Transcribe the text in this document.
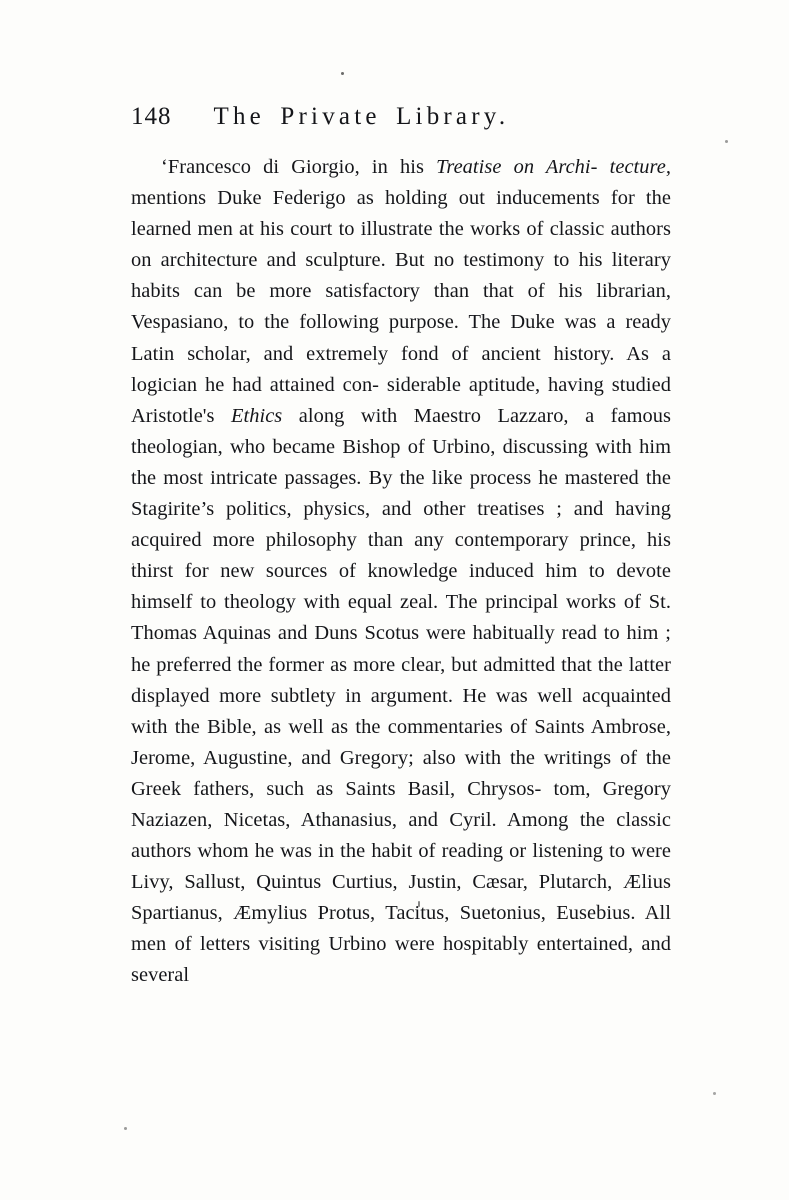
148 The Private Library.

‘Francesco di Giorgio, in his Treatise on Archi- tecture, mentions Duke Federigo as holding out inducements for the learned men at his court to illustrate the works of classic authors on architecture and sculpture. But no testimony to his literary habits can be more satisfactory than that of his librarian, Vespasiano, to the following purpose. The Duke was a ready Latin scholar, and extremely fond of ancient history. As a logician he had attained con- siderable aptitude, having studied Aristotle's Ethics along with Maestro Lazzaro, a famous theologian, who became Bishop of Urbino, discussing with him the most intricate passages. By the like process he mastered the Stagirite’s politics, physics, and other treatises ; and having acquired more philosophy than any contemporary prince, his thirst for new sources of knowledge induced him to devote himself to theology with equal zeal. The principal works of St. Thomas Aquinas and Duns Scotus were habitually read to him ; he preferred the former as more clear, but admitted that the latter displayed more subtlety in argument. He was well acquainted with the Bible, as well as the commentaries of Saints Ambrose, Jerome, Augustine, and Gregory; also with the writings of the Greek fathers, such as Saints Basil, Chrysos- tom, Gregory Naziazen, Nicetas, Athanasius, and Cyril. Among the classic authors whom he was in the habit of reading or listening to were Livy, Sallust, Quintus Curtius, Justin, Cæsar, Plutarch, Ælius Spartianus, Æmylius Protus, Tacitus, Suetonius, Eusebius. All men of letters visiting Urbino were hospitably entertained, and several
